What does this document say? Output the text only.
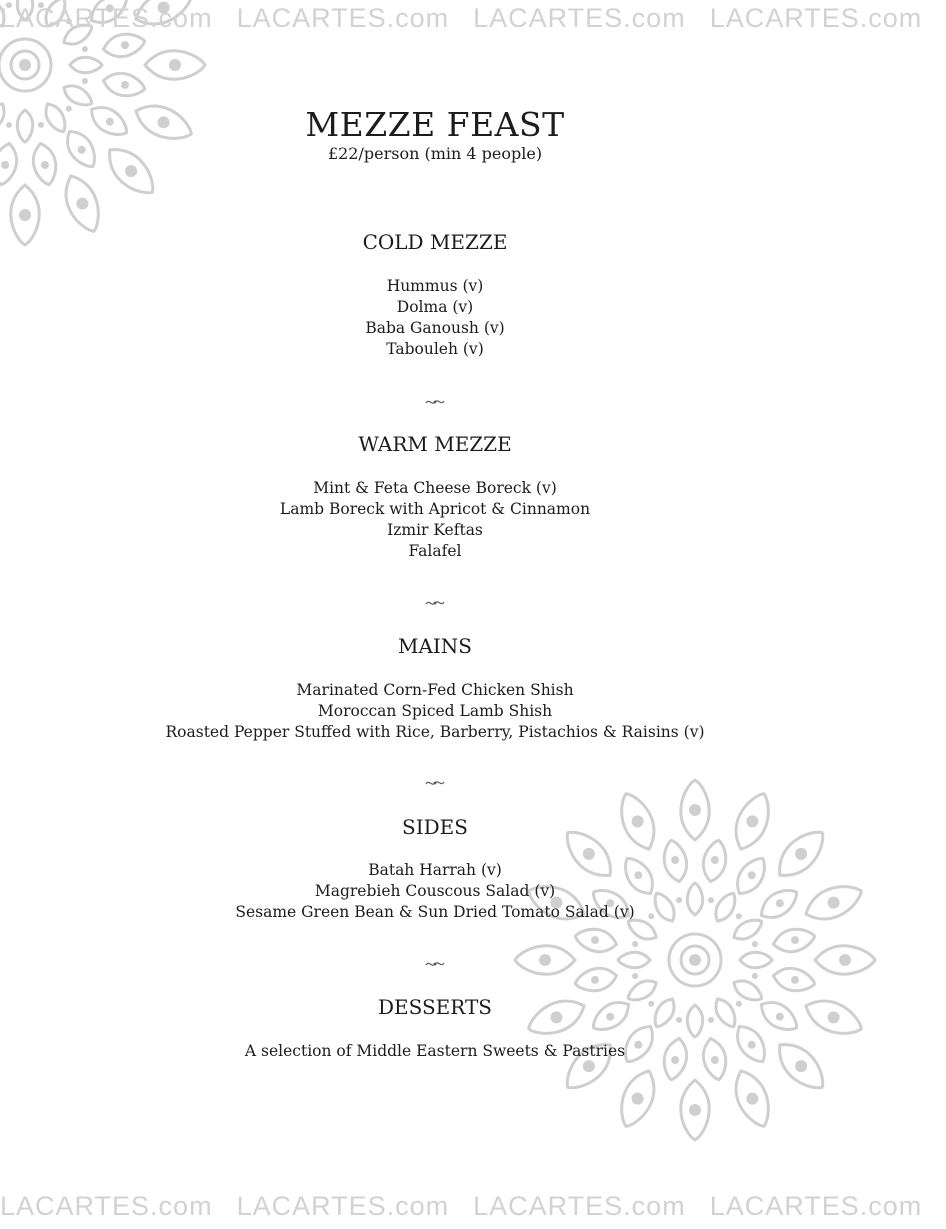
LACARTES.com LACARTES.com LACARTES.com LACARTES.com
LACARTES.com LACARTES.com LACARTES.com LACARTES.com
MEZZE FEAST
£22/person (min 4 people)
COLD MEZZE
Hummus (v)
Dolma (v)
Baba Ganoush (v)
Tabouleh (v)
WARM MEZZE
Mint & Feta Cheese Boreck (v)
Lamb Boreck with Apricot & Cinnamon
Izmir Keftas
Falafel
MAINS
Marinated Corn-Fed Chicken Shish
Moroccan Spiced Lamb Shish
Roasted Pepper Stuffed with Rice, Barberry, Pistachios & Raisins (v)
SIDES
Batah Harrah (v)
Magrebieh Couscous Salad (v)
Sesame Green Bean & Sun Dried Tomato Salad (v)
DESSERTS
A selection of Middle Eastern Sweets & Pastries
